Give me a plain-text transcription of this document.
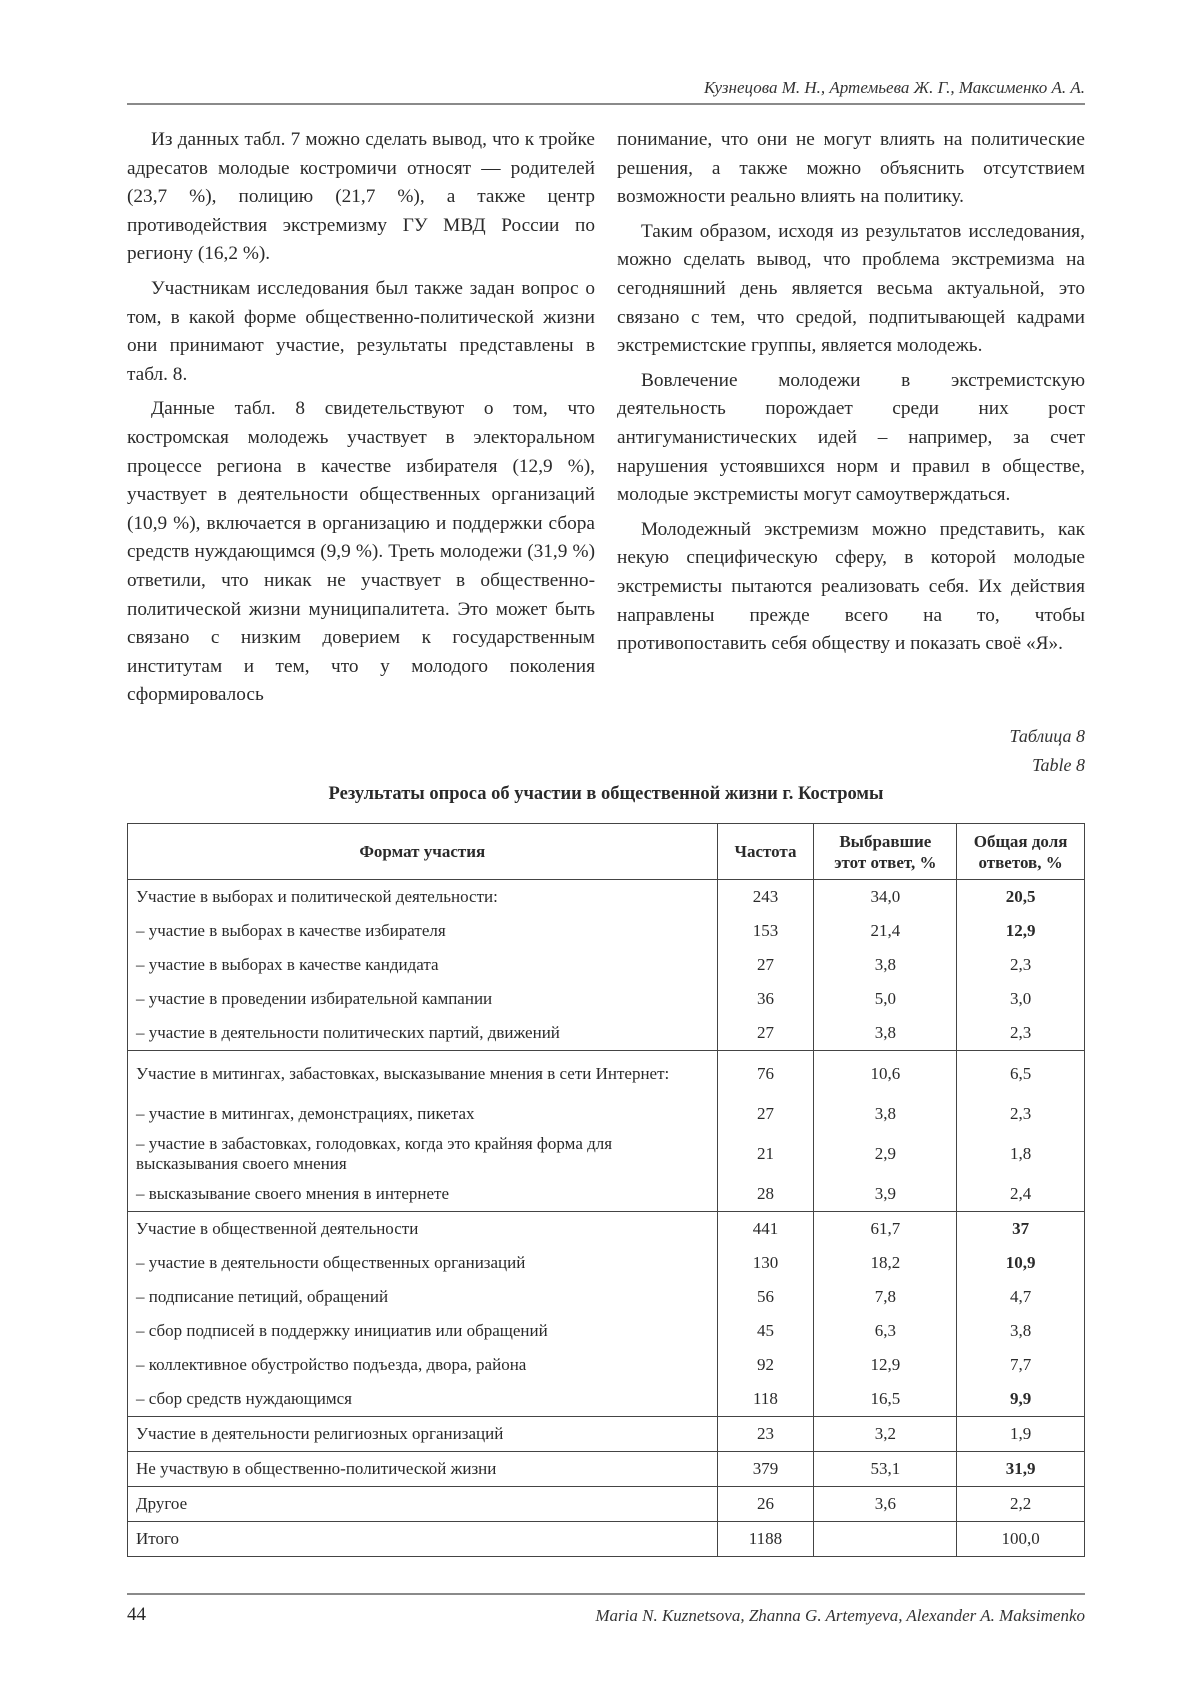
Кузнецова М. Н., Артемьева Ж. Г., Максименко А. А.

Из данных табл. 7 можно сделать вывод, что к тройке адресатов молодые костромичи относят — родителей (23,7 %), полицию (21,7 %), а также центр противодействия экстремизму ГУ МВД России по региону (16,2 %).

Участникам исследования был также задан вопрос о том, в какой форме общественно-политической жизни они принимают участие, результаты представлены в табл. 8.

Данные табл. 8 свидетельствуют о том, что костромская молодежь участвует в электоральном процессе региона в качестве избирателя (12,9 %), участвует в деятельности общественных организаций (10,9 %), включается в организацию и поддержки сбора средств нуждающимся (9,9 %). Треть молодежи (31,9 %) ответили, что никак не участвует в общественно-политической жизни муниципалитета. Это может быть связано с низким доверием к государственным институтам и тем, что у молодого поколения сформировалось

понимание, что они не могут влиять на политические решения, а также можно объяснить отсутствием возможности реально влиять на политику.

Таким образом, исходя из результатов исследования, можно сделать вывод, что проблема экстремизма на сегодняшний день является весьма актуальной, это связано с тем, что средой, подпитывающей кадрами экстремистские группы, является молодежь.

Вовлечение молодежи в экстремистскую деятельность порождает среди них рост антигуманистических идей – например, за счет нарушения устоявшихся норм и правил в обществе, молодые экстремисты могут самоутверждаться.

Молодежный экстремизм можно представить, как некую специфическую сферу, в которой молодые экстремисты пытаются реализовать себя. Их действия направлены прежде всего на то, чтобы противопоставить себя обществу и показать своё «Я».

Таблица 8
Table 8
Результаты опроса об участии в общественной жизни г. Костромы
Формат участия	Частота	Выбравшие этот ответ, %	Общая доля ответов, %
Участие в выборах и политической деятельности:	243	34,0	20,5
– участие в выборах в качестве избирателя	153	21,4	12,9
– участие в выборах в качестве кандидата	27	3,8	2,3
– участие в проведении избирательной кампании	36	5,0	3,0
– участие в деятельности политических партий, движений	27	3,8	2,3
Участие в митингах, забастовках, высказывание мнения в сети Интернет:	76	10,6	6,5
– участие в митингах, демонстрациях, пикетах	27	3,8	2,3
– участие в забастовках, голодовках, когда это крайняя форма для высказывания своего мнения	21	2,9	1,8
– высказывание своего мнения в интернете	28	3,9	2,4
Участие в общественной деятельности	441	61,7	37
– участие в деятельности общественных организаций	130	18,2	10,9
– подписание петиций, обращений	56	7,8	4,7
– сбор подписей в поддержку инициатив или обращений	45	6,3	3,8
– коллективное обустройство подъезда, двора, района	92	12,9	7,7
– сбор средств нуждающимся	118	16,5	9,9
Участие в деятельности религиозных организаций	23	3,2	1,9
Не участвую в общественно-политической жизни	379	53,1	31,9
Другое	26	3,6	2,2
Итого	1188		100,0
44	Maria N. Kuznetsova, Zhanna G. Artemyeva, Alexander A. Maksimenko
